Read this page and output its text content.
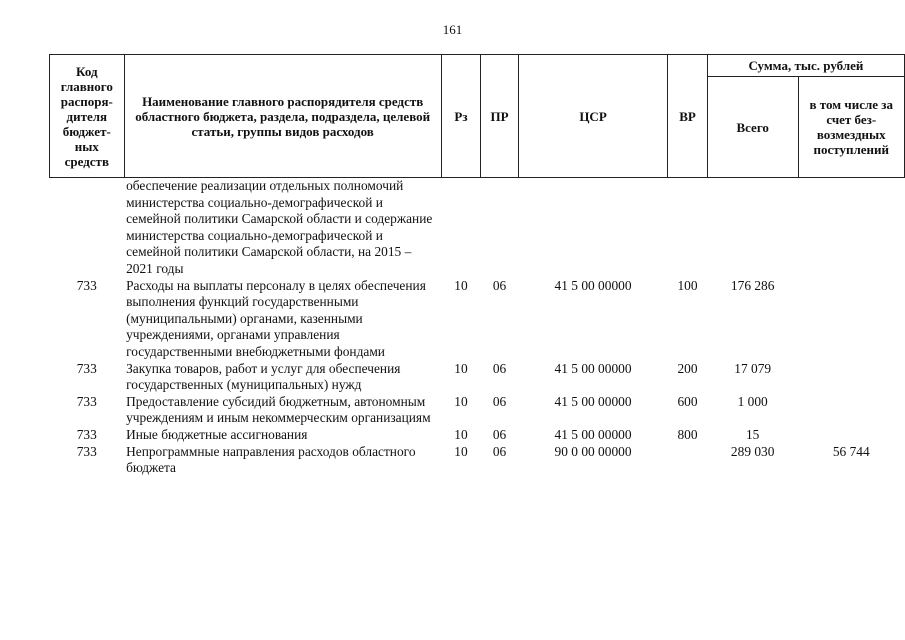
161
Код главного распоря-дителя бюджет-ных средств	Наименование главного распорядителя средств областного бюджета, раздела, подраздела, целевой статьи, группы видов расходов	Рз	ПР	ЦСР	ВР	Сумма, тыс. рублей	
						Всего	в том числе за счет без-возмездных поступлений
	обеспечение реализации отдельных полномочий министерства социально-демографической и семейной политики Самарской области и содержание министерства социально-демографической и семейной политики Самарской области, на 2015 – 2021 годы						
733	Расходы на выплаты персоналу в целях обеспечения выполнения функций государственными (муниципальными) органами, казенными учреждениями, органами управления государственными внебюджетными фондами	10	06	41 5 00 00000	100	176 286	
733	Закупка товаров, работ и услуг для обеспечения государственных (муниципальных) нужд	10	06	41 5 00 00000	200	17 079	
733	Предоставление субсидий бюджетным, автономным учреждениям и иным некоммерческим организациям	10	06	41 5 00 00000	600	1 000	
733	Иные бюджетные ассигнования	10	06	41 5 00 00000	800	15	
733	Непрограммные направления расходов областного бюджета	10	06	90 0 00 00000		289 030	56 744
